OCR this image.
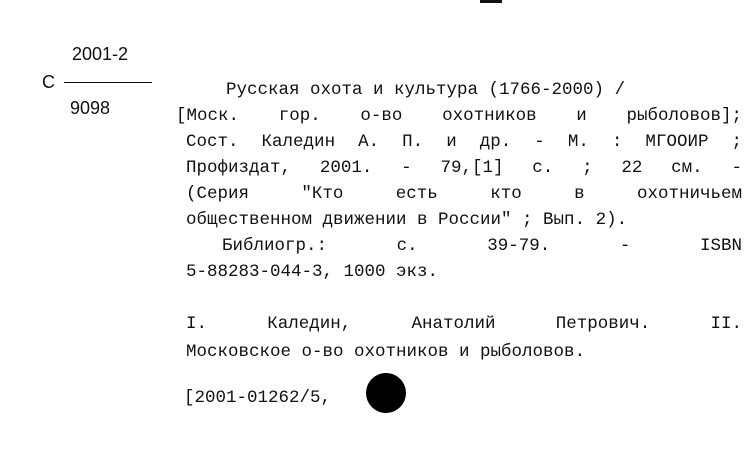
2001-2
C
9098
Русская охота и культура (1766-2000) /
[Моск. гор. о-во охотников и рыболовов];
Сост. Каледин А. П. и др. - М. : МГООИР ;
Профиздат, 2001. - 79,[1] с. ; 22 см. -
(Серия "Кто есть кто в охотничьем
общественном движении в России" ; Вып. 2).
Библиогр.: с. 39-79. - ISBN
5-88283-044-3, 1000 экз.
I. Каледин, Анатолий Петрович. II.
Московское о-во охотников и рыболовов.
[2001-01262/5,
